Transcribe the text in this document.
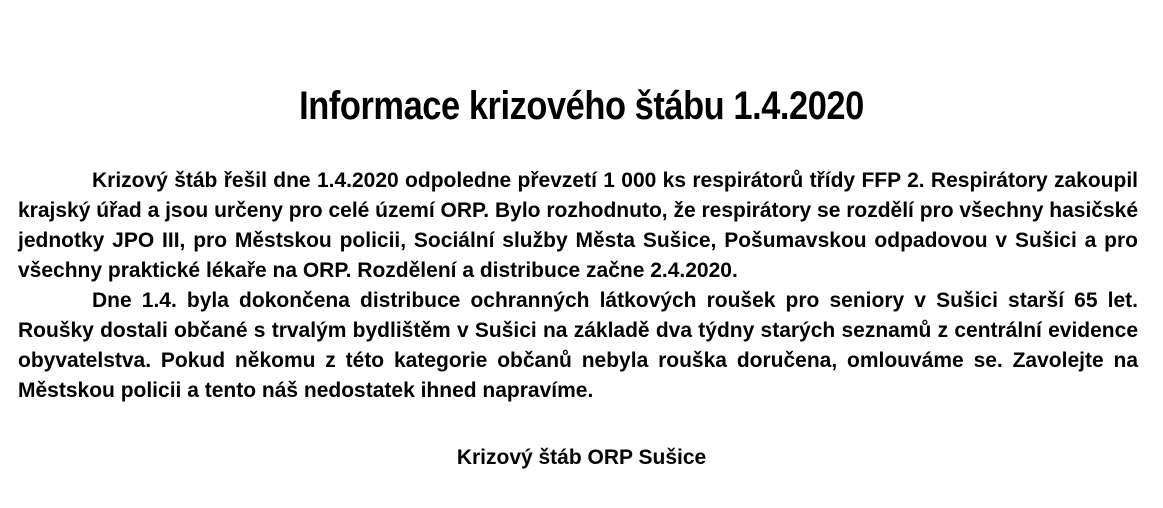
Informace krizového štábu 1.4.2020

Krizový štáb řešil dne 1.4.2020 odpoledne převzetí 1 000 ks respirátorů třídy FFP 2. Respirátory zakoupil krajský úřad a jsou určeny pro celé území ORP. Bylo rozhodnuto, že respirátory se rozdělí pro všechny hasičské jednotky JPO III, pro Městskou policii, Sociální služby Města Sušice, Pošumavskou odpadovou v Sušici a pro všechny praktické lékaře na ORP. Rozdělení a distribuce začne 2.4.2020.

Dne 1.4. byla dokončena distribuce ochranných látkových roušek pro seniory v Sušici starší 65 let. Roušky dostali občané s trvalým bydlištěm v Sušici na základě dva týdny starých seznamů z centrální evidence obyvatelstva. Pokud někomu z této kategorie občanů nebyla rouška doručena, omlouváme se. Zavolejte na Městskou policii a tento náš nedostatek ihned napravíme.

Krizový štáb ORP Sušice
